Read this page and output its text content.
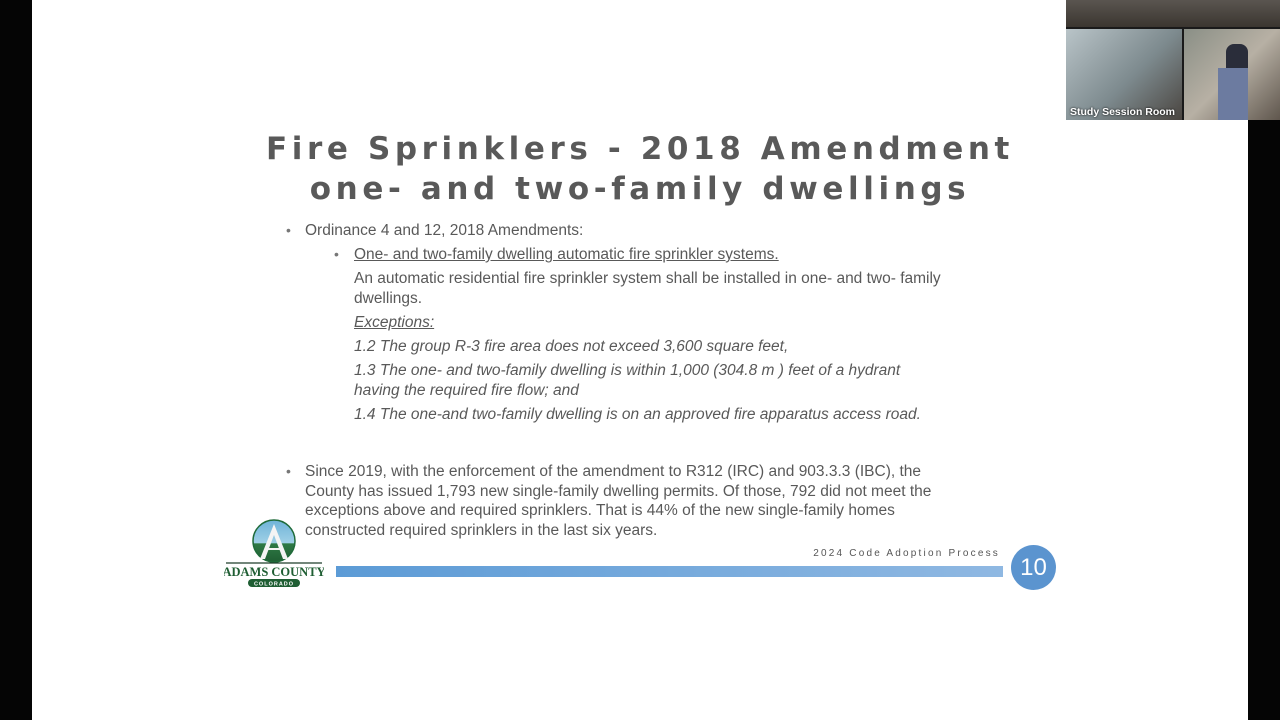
Fire Sprinklers - 2018 Amendment
one- and two-family dwellings
• Ordinance 4 and 12, 2018 Amendments:
• One- and two-family dwelling automatic fire sprinkler systems.
An automatic residential fire sprinkler system shall be installed in one- and two- family
dwellings.
Exceptions:
1.2 The group R-3 fire area does not exceed 3,600 square feet,
1.3 The one- and two-family dwelling is within 1,000 (304.8 m ) feet of a hydrant
having the required fire flow; and
1.4 The one-and two-family dwelling is on an approved fire apparatus access road.
• Since 2019, with the enforcement of the amendment to R312 (IRC) and 903.3.3 (IBC), the
County has issued 1,793 new single-family dwelling permits. Of those, 792 did not meet the
exceptions above and required sprinklers. That is 44% of the new single-family homes
constructed required sprinklers in the last six years.
ADAMS COUNTY
COLORADO
2024 Code Adoption Process 10
Study Session Room
